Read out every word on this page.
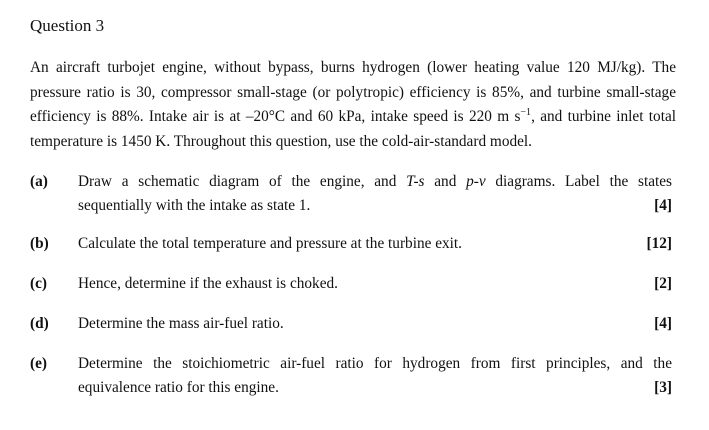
Question 3
An aircraft turbojet engine, without bypass, burns hydrogen (lower heating value 120 MJ/kg). The pressure ratio is 30, compressor small-stage (or polytropic) efficiency is 85%, and turbine small-stage efficiency is 88%. Intake air is at –20°C and 60 kPa, intake speed is 220 m $s^{-1}$, and turbine inlet total temperature is 1450 K. Throughout this question, use the cold-air-standard model.
(a) Draw a schematic diagram of the engine, and T-s and p-v diagrams. Label the states
sequentially with the intake as state 1.	[4]
(b) Calculate the total temperature and pressure at the turbine exit.	[12]
(c) Hence, determine if the exhaust is choked.	[2]
(d) Determine the mass air-fuel ratio.	[4]
(e) Determine the stoichiometric air-fuel ratio for hydrogen from first principles, and the
equivalence ratio for this engine.	[3]
